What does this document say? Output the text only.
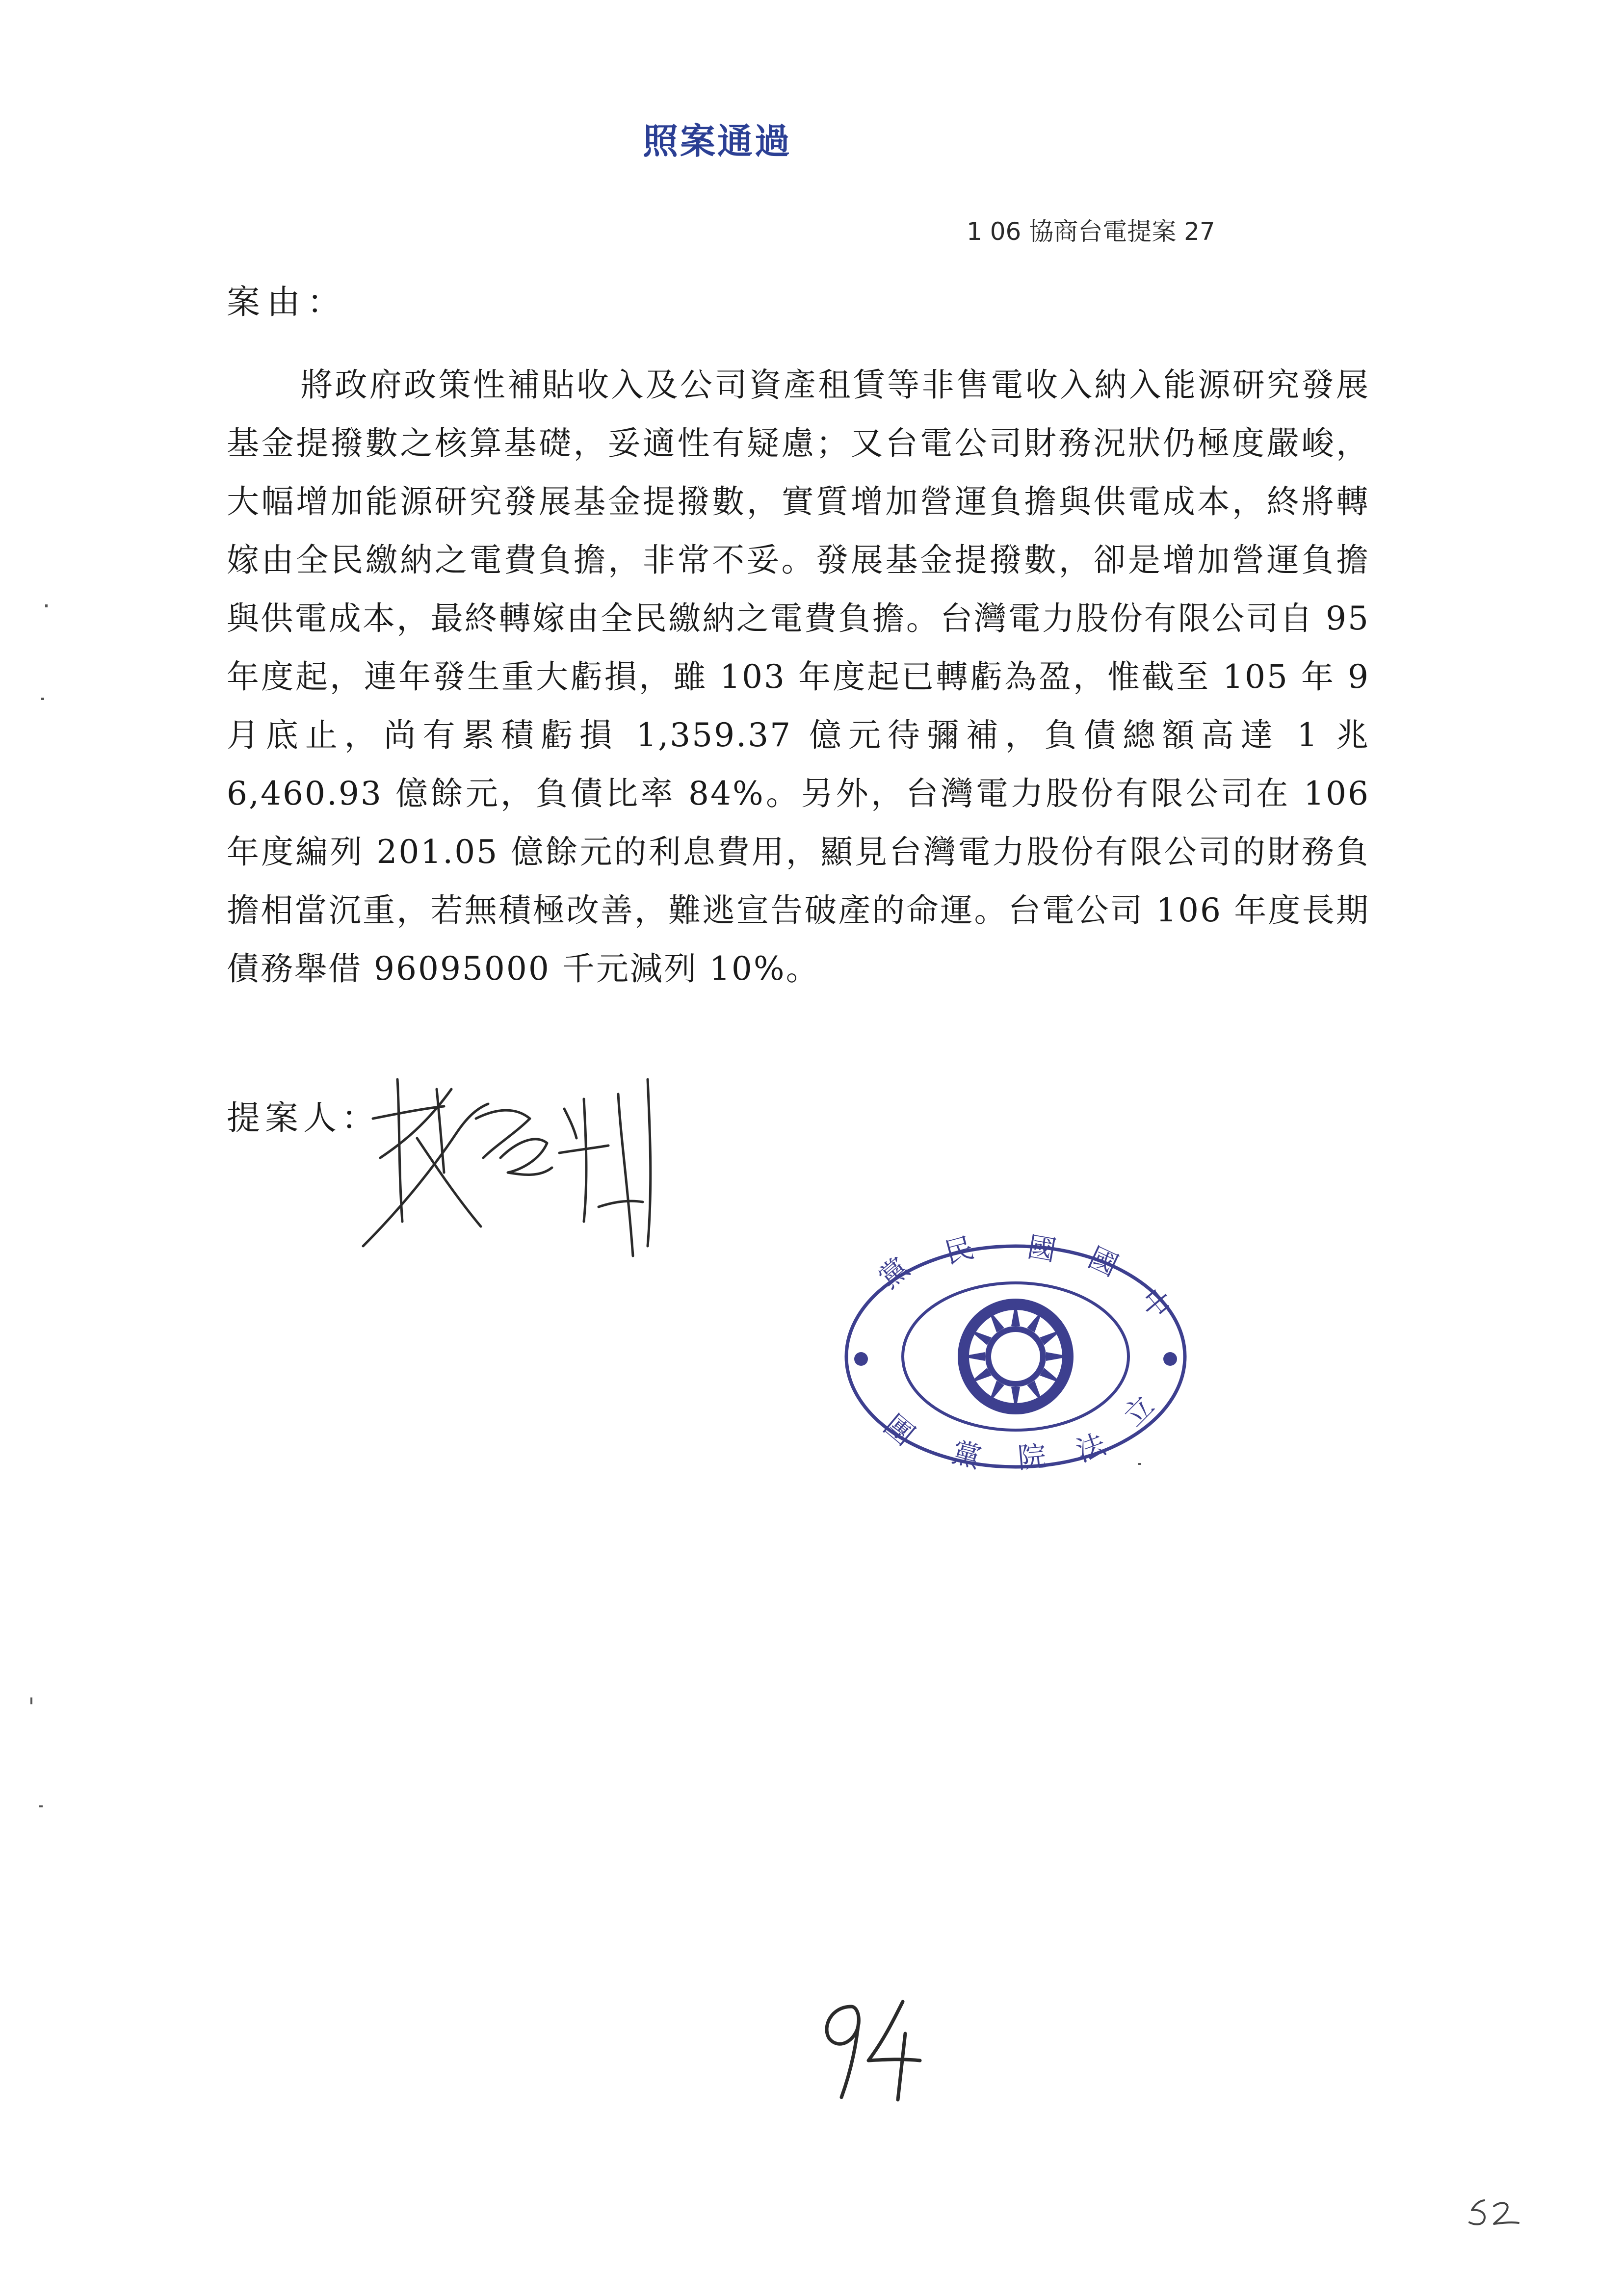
照案通過
1 06 協商台電提案 27
案由：
將政府政策性補貼收入及公司資產租賃等非售電收入納入能源研究發展基金提撥數之核算基礎，妥適性有疑慮；又台電公司財務況狀仍極度嚴峻，大幅增加能源研究發展基金提撥數，實質增加營運負擔與供電成本，終將轉嫁由全民繳納之電費負擔，非常不妥。發展基金提撥數，卻是增加營運負擔與供電成本，最終轉嫁由全民繳納之電費負擔。台灣電力股份有限公司自 95 年度起，連年發生重大虧損，雖 103 年度起已轉虧為盈，惟截至 105 年 9 月底止，尚有累積虧損 1,359.37 億元待彌補，負債總額高達 1 兆 6,460.93 億餘元，負債比率 84%。另外，台灣電力股份有限公司在 106 年度編列 201.05 億餘元的利息費用，顯見台灣電力股份有限公司的財務負擔相當沉重，若無積極改善，難逃宣告破產的命運。台電公司 106 年度長期債務舉借 96095000 千元減列 10%。
提案人：
黨
民 國 國
中
團
黨 院 法
立
